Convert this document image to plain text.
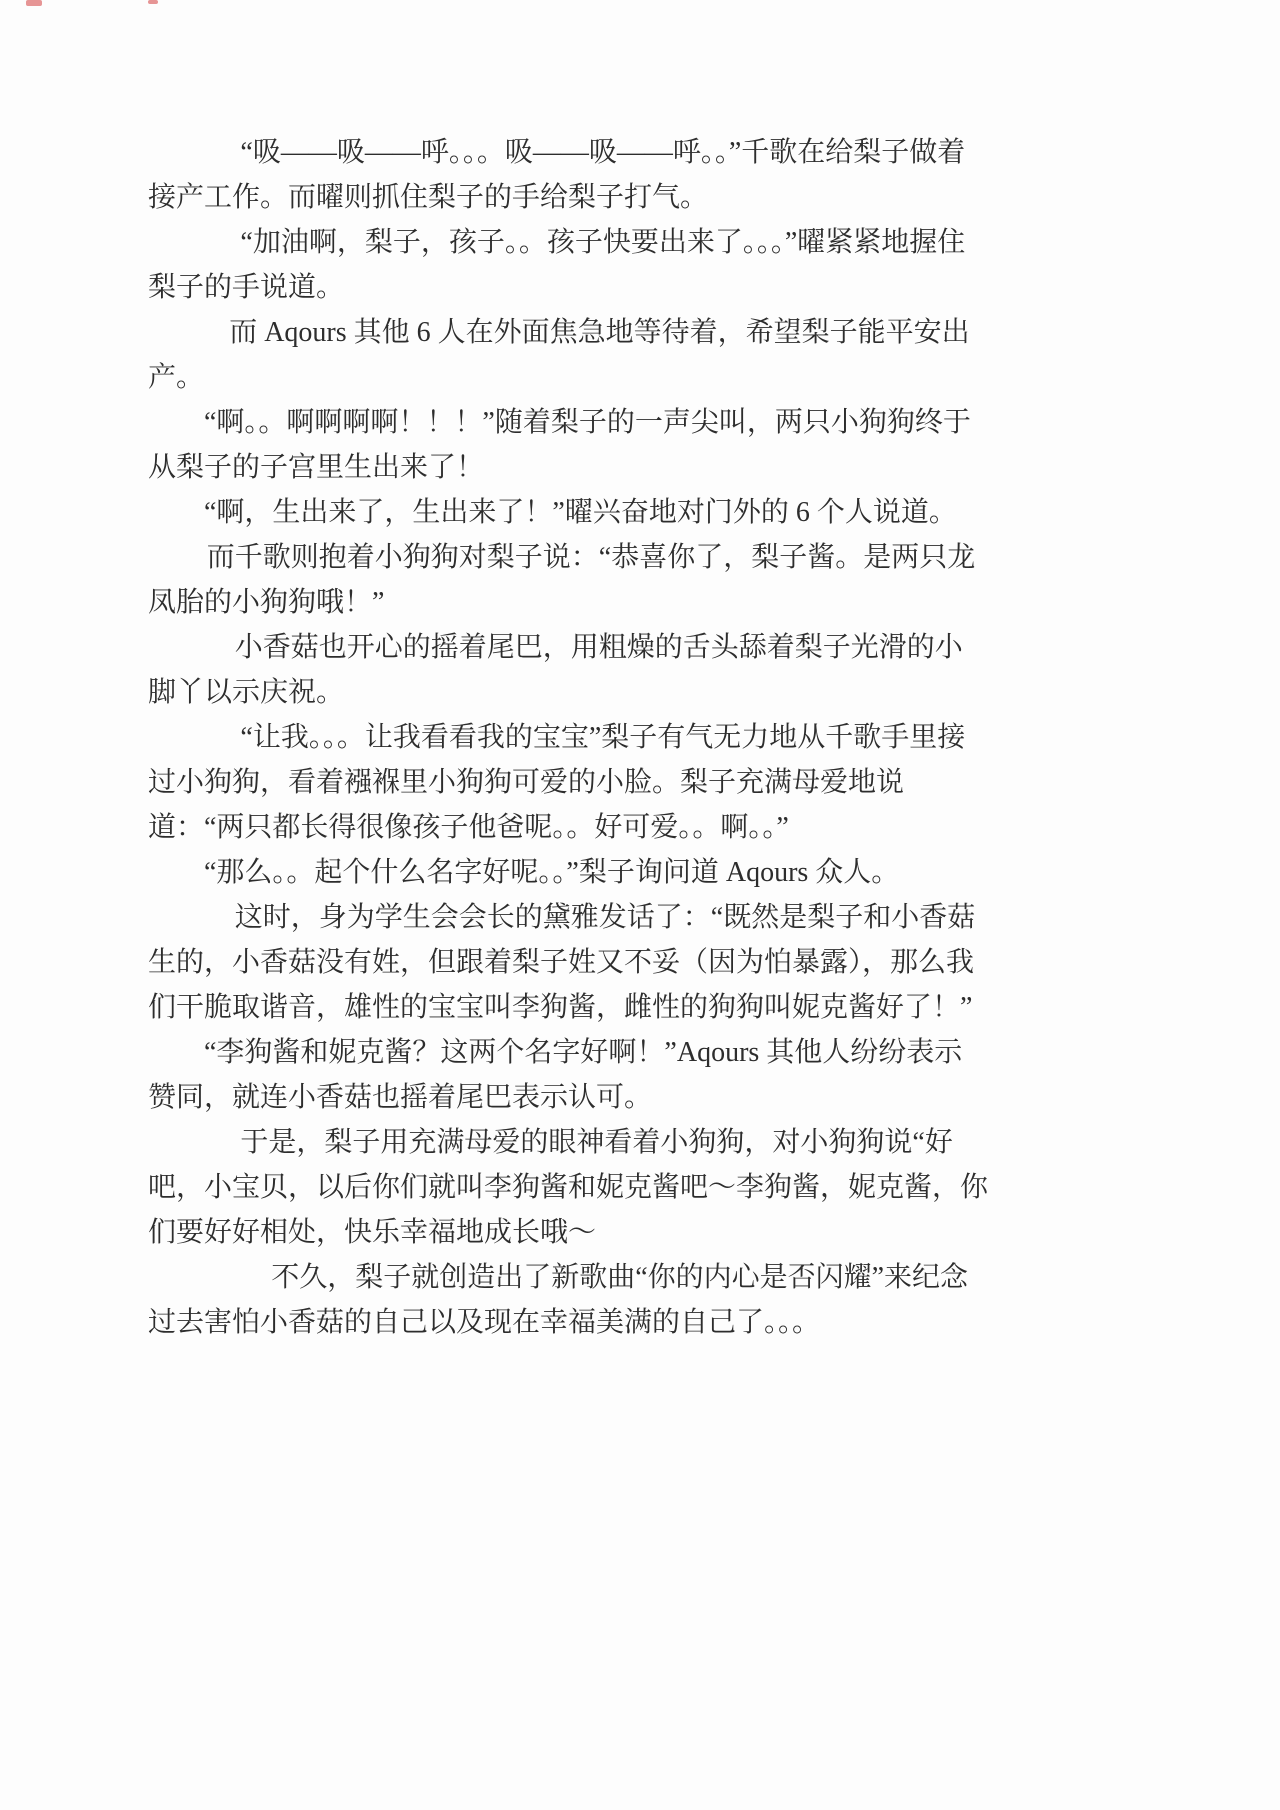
“吸——吸——呼。。。吸——吸——呼。。”千歌在给梨子做着接产工作。而曜则抓住梨子的手给梨子打气。

“加油啊，梨子，孩子。。孩子快要出来了。。。”曜紧紧地握住梨子的手说道。

而 Aqours 其他 6 人在外面焦急地等待着，希望梨子能平安出产。

“啊。。啊啊啊啊！！！”随着梨子的一声尖叫，两只小狗狗终于从梨子的子宫里生出来了！

“啊，生出来了，生出来了！”曜兴奋地对门外的 6 个人说道。

而千歌则抱着小狗狗对梨子说：“恭喜你了，梨子酱。是两只龙凤胎的小狗狗哦！”

小香菇也开心的摇着尾巴，用粗燥的舌头舔着梨子光滑的小脚丫以示庆祝。

“让我。。。让我看看我的宝宝”梨子有气无力地从千歌手里接过小狗狗，看着襁褓里小狗狗可爱的小脸。梨子充满母爱地说道：“两只都长得很像孩子他爸呢。。好可爱。。啊。。”

“那么。。起个什么名字好呢。。”梨子询问道 Aqours 众人。

这时，身为学生会会长的黛雅发话了：“既然是梨子和小香菇生的，小香菇没有姓，但跟着梨子姓又不妥（因为怕暴露），那么我们干脆取谐音，雄性的宝宝叫李狗酱，雌性的狗狗叫妮克酱好了！”

“李狗酱和妮克酱？这两个名字好啊！”Aqours 其他人纷纷表示赞同，就连小香菇也摇着尾巴表示认可。

于是，梨子用充满母爱的眼神看着小狗狗，对小狗狗说“好吧，小宝贝，以后你们就叫李狗酱和妮克酱吧～李狗酱，妮克酱，你们要好好相处，快乐幸福地成长哦～

不久，梨子就创造出了新歌曲“你的内心是否闪耀”来纪念过去害怕小香菇的自己以及现在幸福美满的自己了。。。
